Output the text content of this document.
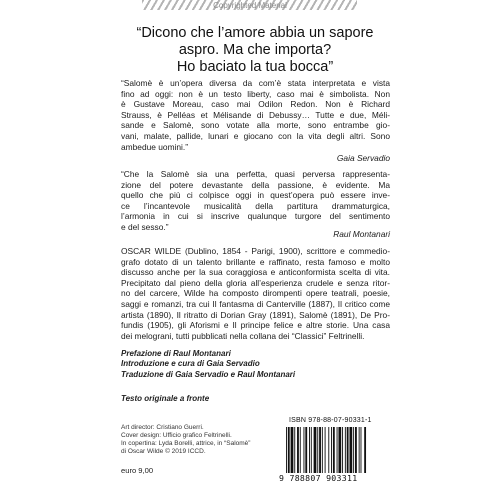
Copyrighted Material
“Dicono che l’amore abbia un sapore
aspro. Ma che importa?
Ho baciato la tua bocca”
“Salomè è un’opera diversa da com’è stata interpretata e vista
fino ad oggi: non è un testo liberty, caso mai è simbolista. Non
è Gustave Moreau, caso mai Odilon Redon. Non è Richard
Strauss, è Pelléas et Mélisande di Debussy… Tutte e due, Méli-
sande e Salomè, sono votate alla morte, sono entrambe gio-
vani, malate, pallide, lunari e giocano con la vita degli altri. Sono
ambedue uomini.”
Gaia Servadio
“Che la Salomè sia una perfetta, quasi perversa rappresenta-
zione del potere devastante della passione, è evidente. Ma
quello che più ci colpisce oggi in quest’opera può essere inve-
ce l’incantevole musicalità della partitura drammaturgica,
l’armonia in cui si inscrive qualunque turgore del sentimento
e del sesso.”
Raul Montanari
OSCAR WILDE (Dublino, 1854 - Parigi, 1900), scrittore e commedio-
grafo dotato di un talento brillante e raffinato, resta famoso e molto
discusso anche per la sua coraggiosa e anticonformista scelta di vita.
Precipitato dal pieno della gloria all’esperienza crudele e senza ritor-
no del carcere, Wilde ha composto dirompenti opere teatrali, poesie,
saggi e romanzi, tra cui Il fantasma di Canterville (1887), Il critico come
artista (1890), Il ritratto di Dorian Gray (1891), Salomè (1891), De Pro-
fundis (1905), gli Aforismi e Il principe felice e altre storie. Una casa
dei melograni, tutti pubblicati nella collana dei “Classici” Feltrinelli.
Prefazione di Raul Montanari
Introduzione e cura di Gaia Servadio
Traduzione di Gaia Servadio e Raul Montanari
Testo originale a fronte
Art director: Cristiano Guerri.
Cover design: Ufficio grafico Feltrinelli.
In copertina: Lyda Borelli, attrice, in “Salomè”
di Oscar Wilde © 2019 ICCD.
euro 9,00
ISBN 978-88-07-90331-1
9 788807 903311
